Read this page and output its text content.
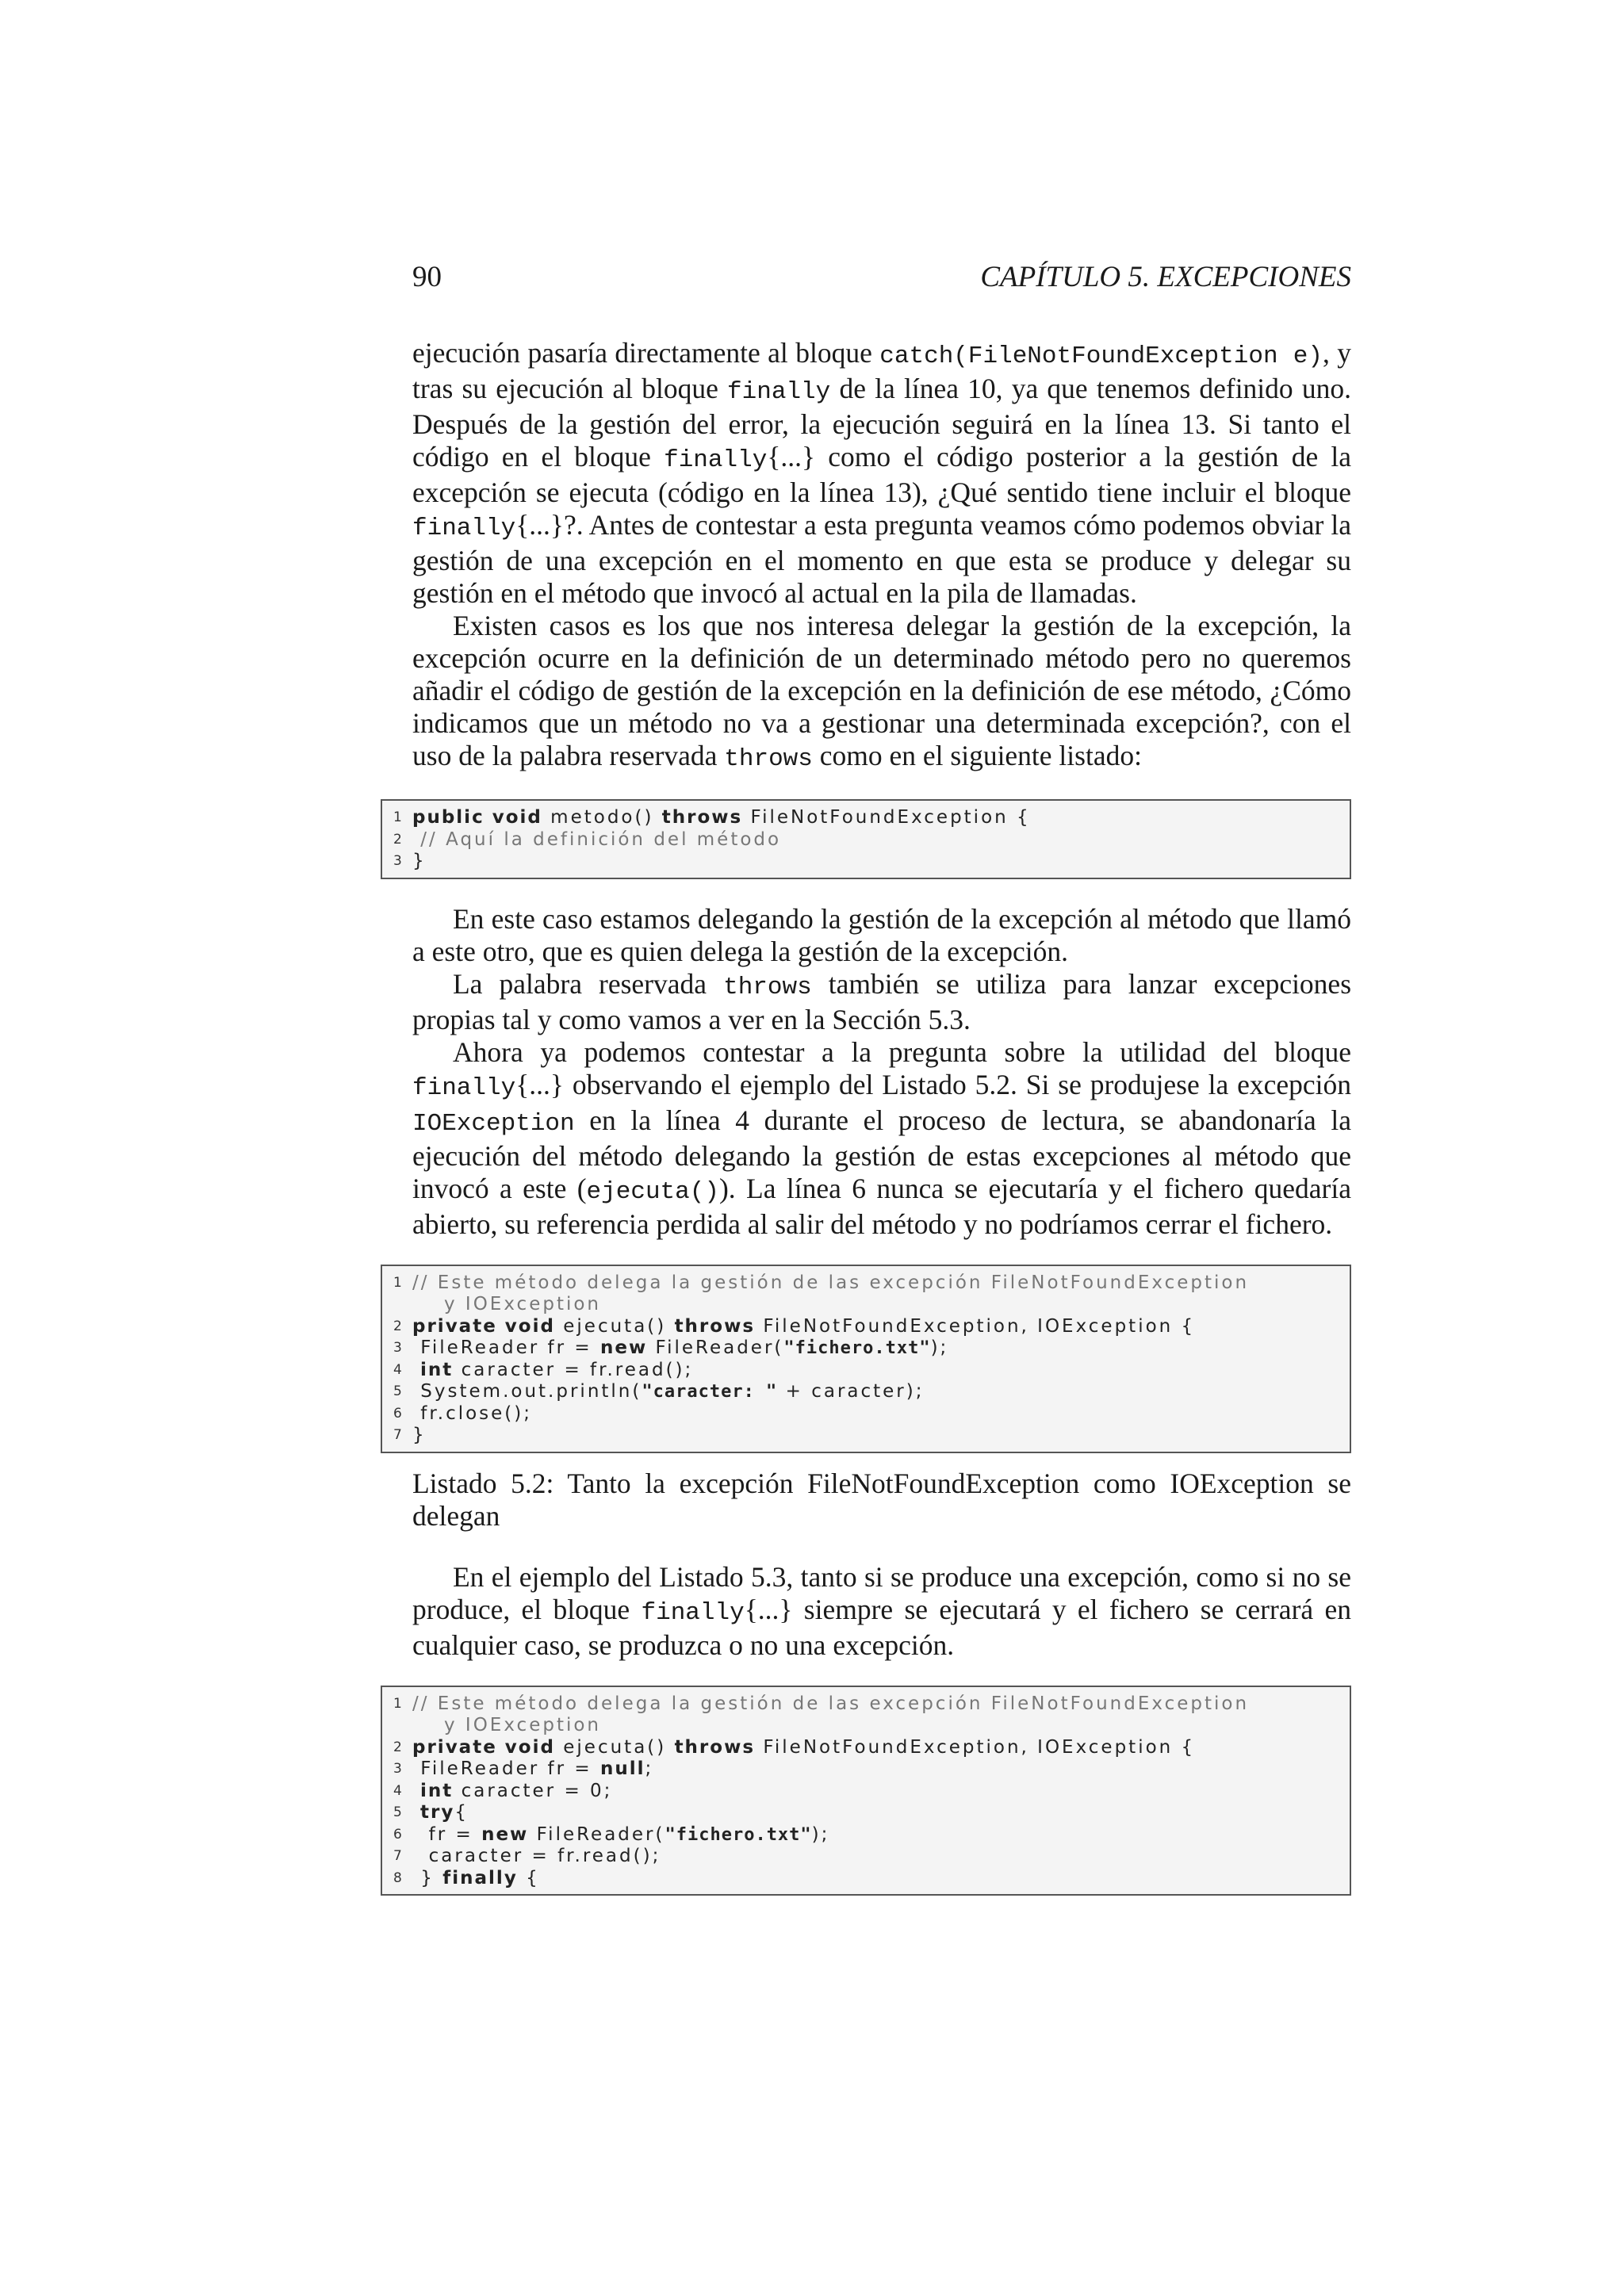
90	CAPÍTULO 5. EXCEPCIONES

ejecución pasaría directamente al bloque catch(FileNotFoundException e), y tras su ejecución al bloque finally de la línea 10, ya que tenemos definido uno. Después de la gestión del error, la ejecución seguirá en la línea 13. Si tanto el código en el bloque finally{...} como el código posterior a la gestión de la excepción se ejecuta (código en la línea 13), ¿Qué sentido tiene incluir el bloque finally{...}?. Antes de contestar a esta pregunta veamos cómo podemos obviar la gestión de una excepción en el momento en que esta se produce y delegar su gestión en el método que invocó al actual en la pila de llamadas.

Existen casos es los que nos interesa delegar la gestión de la excepción, la excepción ocurre en la definición de un determinado método pero no queremos añadir el código de gestión de la excepción en la definición de ese método, ¿Cómo indicamos que un método no va a gestionar una determinada excepción?, con el uso de la palabra reservada throws como en el siguiente listado:

1 public void metodo() throws FileNotFoundException {
2 // Aquí la definición del método
3 }

En este caso estamos delegando la gestión de la excepción al método que llamó a este otro, que es quien delega la gestión de la excepción.

La palabra reservada throws también se utiliza para lanzar excepciones propias tal y como vamos a ver en la Sección 5.3.

Ahora ya podemos contestar a la pregunta sobre la utilidad del bloque finally{...} observando el ejemplo del Listado 5.2. Si se produjese la excepción IOException en la línea 4 durante el proceso de lectura, se abandonaría la ejecución del método delegando la gestión de estas excepciones al método que invocó a este (ejecuta()). La línea 6 nunca se ejecutaría y el fichero quedaría abierto, su referencia perdida al salir del método y no podríamos cerrar el fichero.

1 // Este método delega la gestión de las excepción FileNotFoundException
y IOException
2 private void ejecuta() throws FileNotFoundException, IOException {
3 FileReader fr = new FileReader("fichero.txt");
4 int caracter = fr.read();
5 System.out.println("caracter: " + caracter);
6 fr.close();
7 }

Listado 5.2: Tanto la excepción FileNotFoundException como IOException se delegan

En el ejemplo del Listado 5.3, tanto si se produce una excepción, como si no se produce, el bloque finally{...} siempre se ejecutará y el fichero se cerrará en cualquier caso, se produzca o no una excepción.

1 // Este método delega la gestión de las excepción FileNotFoundException
y IOException
2 private void ejecuta() throws FileNotFoundException, IOException {
3 FileReader fr = null;
4 int caracter = 0;
5 try{
6 fr = new FileReader("fichero.txt");
7 caracter = fr.read();
8 } finally {
